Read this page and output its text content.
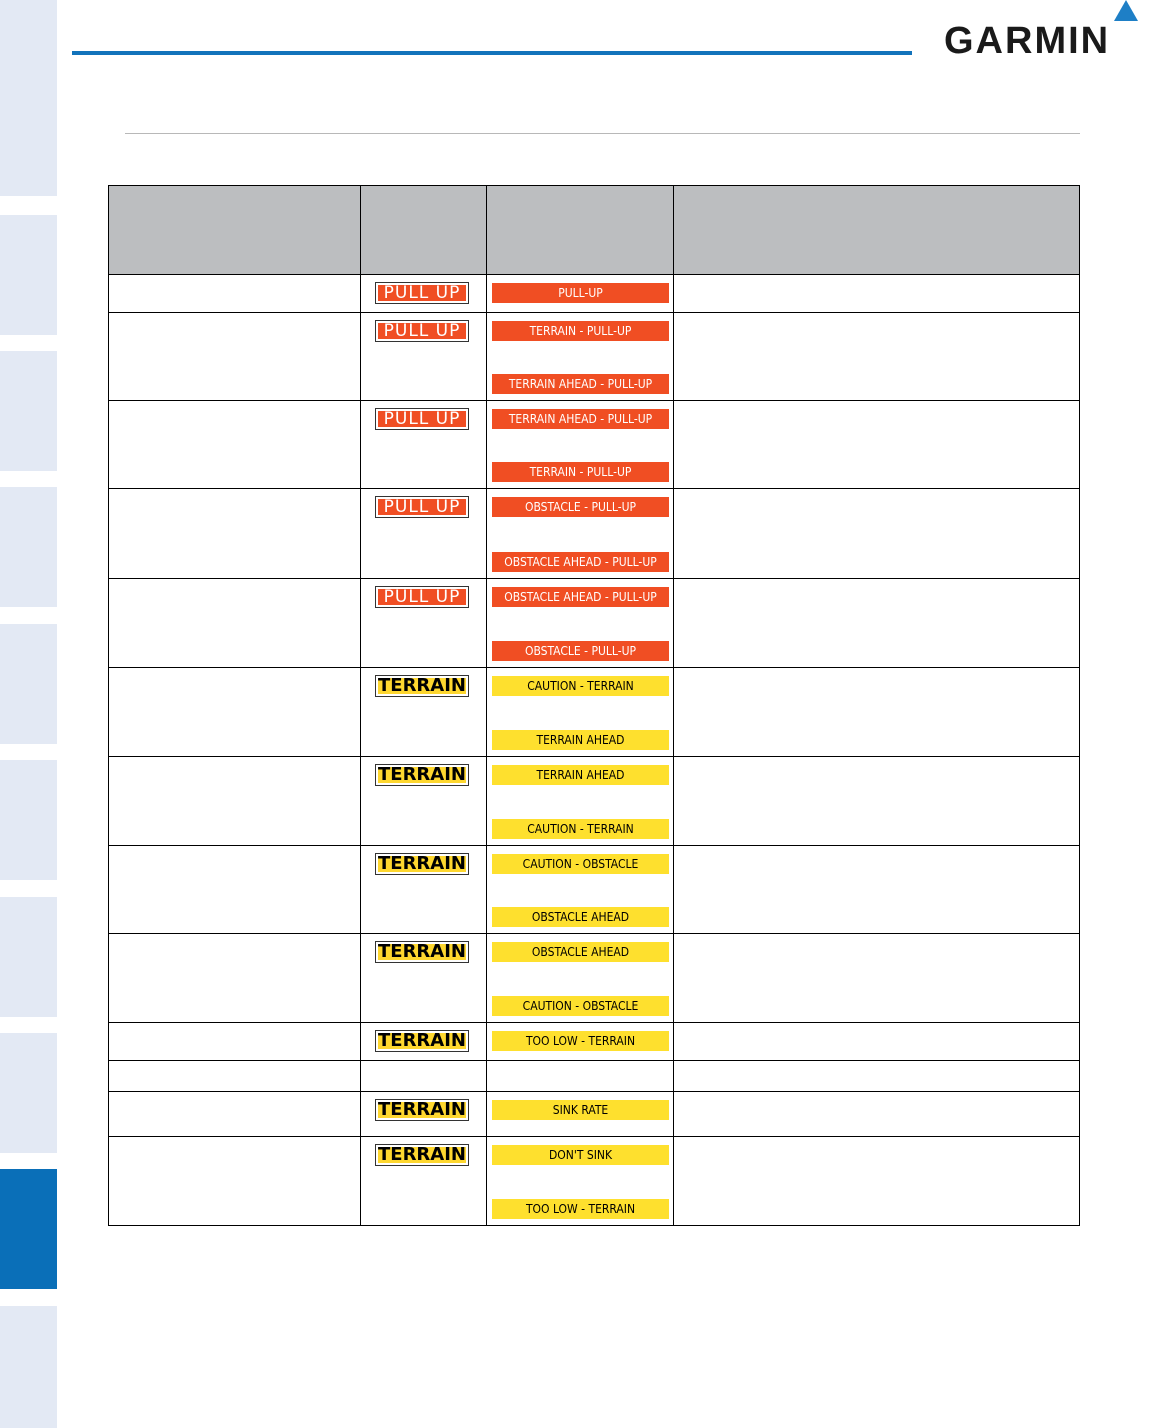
GARMIN

PULL UP	PULL-UP	

PULL UP	TERRAIN - PULL-UP
TERRAIN AHEAD - PULL-UP	

PULL UP	TERRAIN AHEAD - PULL-UP
TERRAIN - PULL-UP	

PULL UP	OBSTACLE - PULL-UP
OBSTACLE AHEAD - PULL-UP	

PULL UP	OBSTACLE AHEAD - PULL-UP
OBSTACLE - PULL-UP	

TERRAIN	CAUTION - TERRAIN
TERRAIN AHEAD	

TERRAIN	TERRAIN AHEAD
CAUTION - TERRAIN	

TERRAIN	CAUTION - OBSTACLE
OBSTACLE AHEAD	

TERRAIN	OBSTACLE AHEAD
CAUTION - OBSTACLE	

TERRAIN	TOO LOW - TERRAIN	

TERRAIN	SINK RATE	

TERRAIN	DON'T SINK
TOO LOW - TERRAIN	
